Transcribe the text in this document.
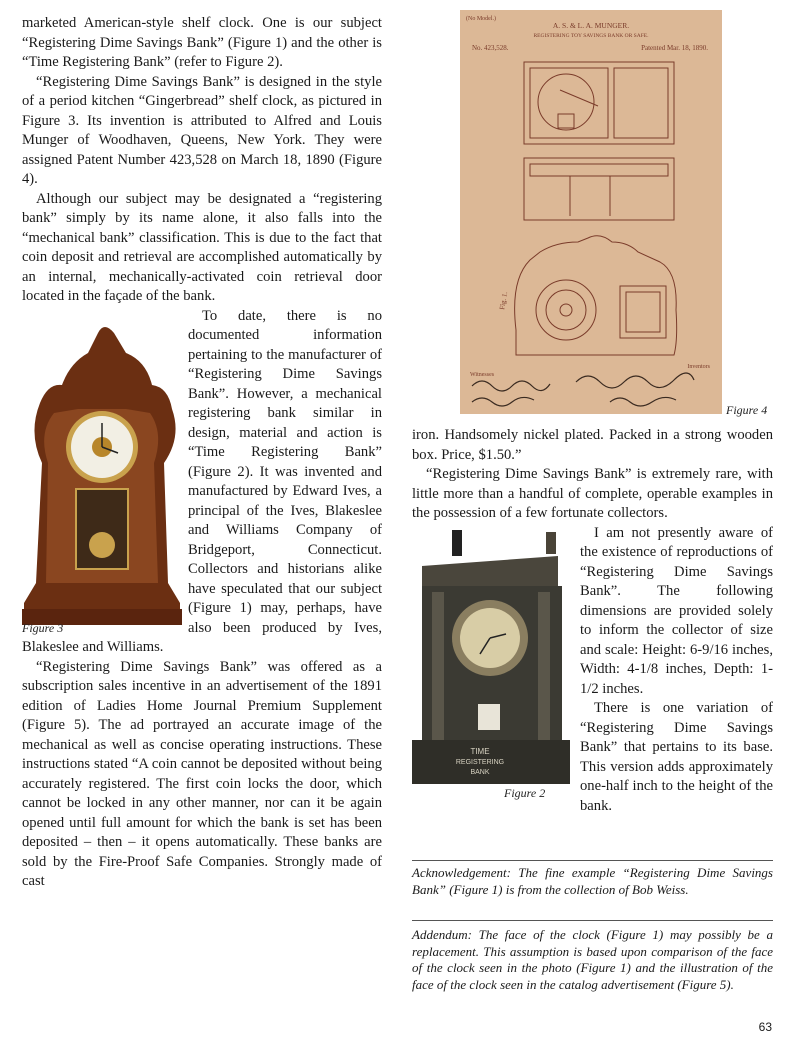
(No Model.)
A. S. & L. A. MUNGER.
REGISTERING TOY SAVINGS BANK OR SAFE.
No. 423,528.	Patented Mar. 18, 1890.
Fig. 1.
Witnesses
Inventors
Figure 4

marketed American-style shelf clock. One is our subject “Registering Dime Savings Bank” (Figure 1) and the other is “Time Registering Bank” (refer to Figure 2).

“Registering Dime Savings Bank” is designed in the style of a period kitchen “Gingerbread” shelf clock, as pictured in Figure 3. Its invention is attributed to Alfred and Louis Munger of Woodhaven, Queens, New York. They were assigned Patent Number 423,528 on March 18, 1890 (Figure 4).

Although our subject may be designated a “registering bank” simply by its name alone, it also falls into the “mechanical bank” classification. This is due to the fact that coin deposit and retrieval are accomplished automatically by an internal, mechanically-activated coin retrieval door located in the façade of the bank.

Figure 3

To date, there is no documented information pertaining to the manufacturer of “Registering Dime Savings Bank”. However, a mechanical registering bank similar in design, material and action is “Time Registering Bank” (Figure 2). It was invented and manufactured by Edward Ives, a principal of the Ives, Blakeslee and Williams Company of Bridgeport, Connecticut. Collectors and historians alike have speculated that our subject (Figure 1) may, perhaps, have also been produced by Ives, Blakeslee and Williams.

“Registering Dime Savings Bank” was offered as a subscription sales incentive in an advertisement of the 1891 edition of Ladies Home Journal Premium Supplement (Figure 5). The ad portrayed an accurate image of the mechanical as well as concise operating instructions. These instructions stated “A coin cannot be deposited without being accurately registered. The first coin locks the door, which cannot be locked in any other manner, nor can it be again opened until full amount for which the bank is set has been deposited – then – it opens automatically. These banks are sold by the Fire-Proof Safe Companies. Strongly made of cast

iron. Handsomely nickel plated. Packed in a strong wooden box. Price, $1.50.”

“Registering Dime Savings Bank” is extremely rare, with little more than a handful of complete, operable examples in the possession of a few fortunate collectors.

TIME
REGISTERING
BANK
Figure 2

I am not presently aware of the existence of reproductions of “Registering Dime Savings Bank”. The following dimensions are provided solely to inform the collector of size and scale: Height: 6-9/16 inches, Width: 4-1/8 inches, Depth: 1-1/2 inches.

There is one variation of “Registering Dime Savings Bank” that pertains to its base. This version adds approximately one-half inch to the height of the bank.

Acknowledgement: The fine example “Registering Dime Savings Bank” (Figure 1) is from the collection of Bob Weiss.
Addendum: The face of the clock (Figure 1) may possibly be a replacement. This assumption is based upon comparison of the face of the clock seen in the photo (Figure 1) and the illustration of the face of the clock seen in the catalog advertisement (Figure 5).
63
